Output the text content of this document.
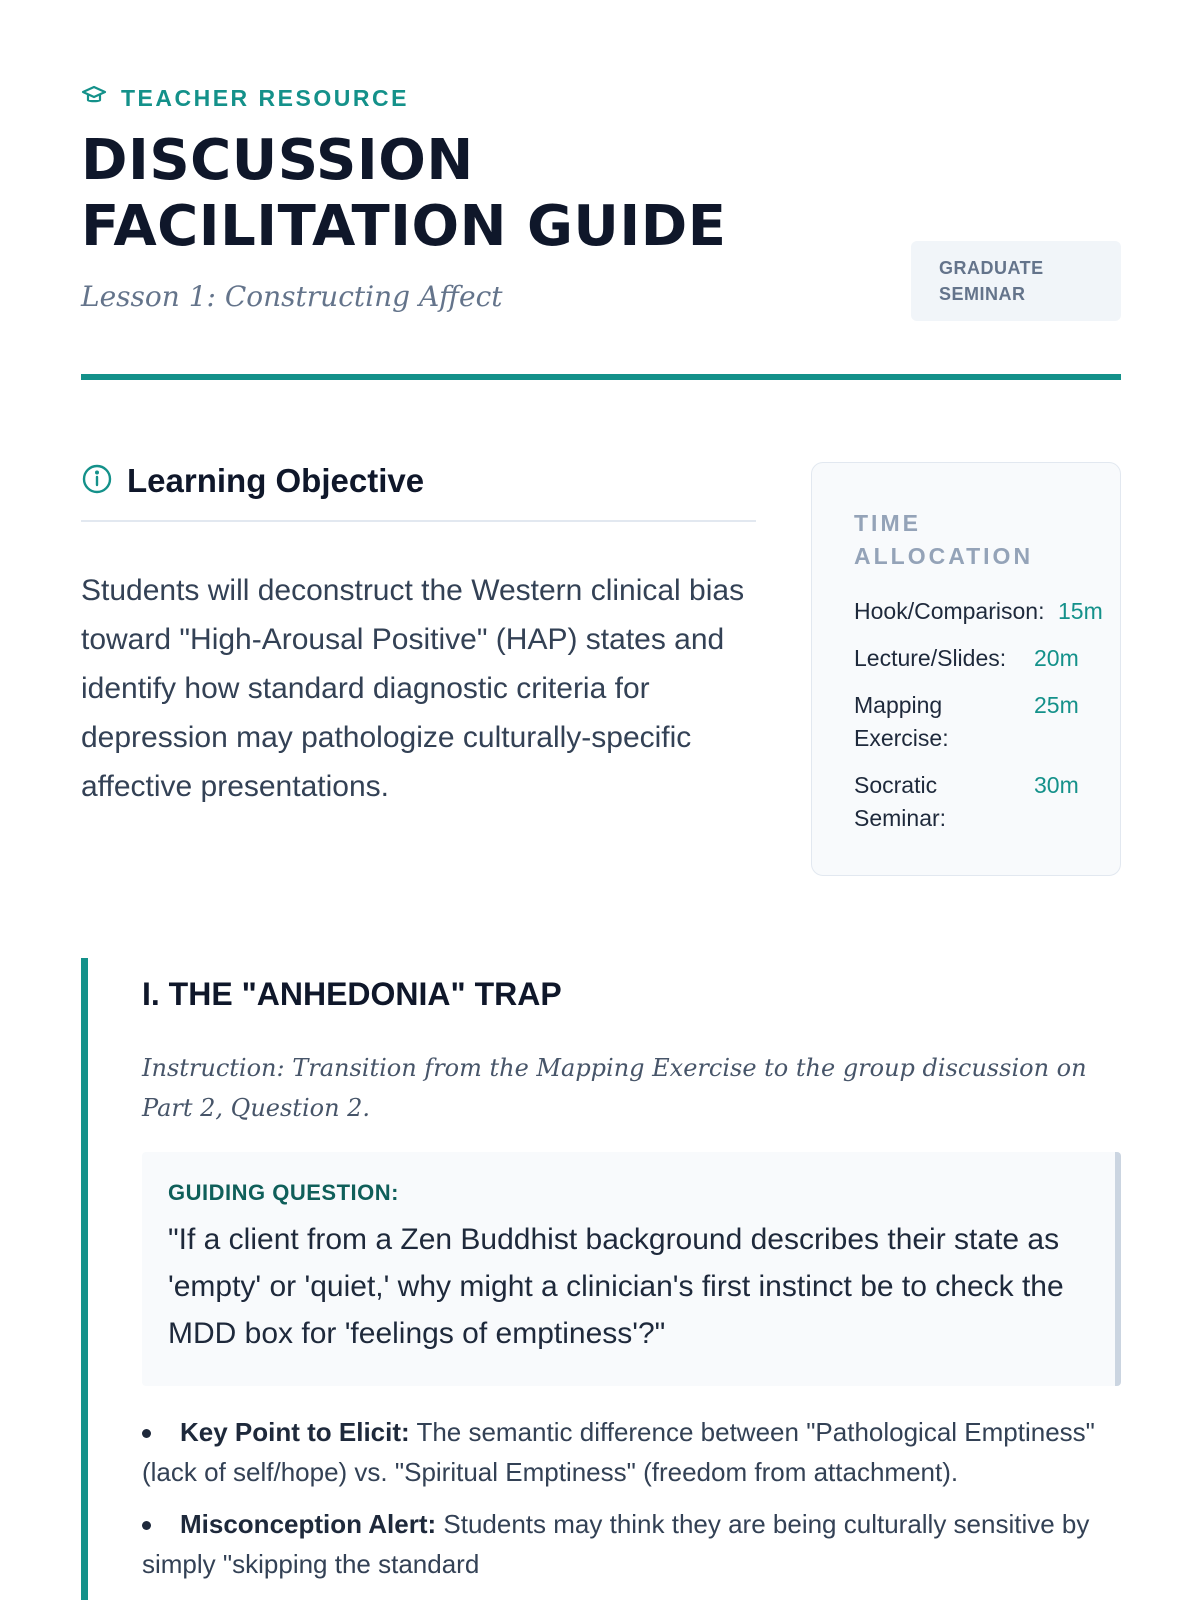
TEACHER RESOURCE
DISCUSSION
FACILITATION GUIDE
Lesson 1: Constructing Affect
GRADUATE
SEMINAR
Learning Objective

Students will deconstruct the Western clinical bias toward "High-Arousal Positive" (HAP) states and identify how standard diagnostic criteria for depression may pathologize culturally-specific affective presentations.

TIME ALLOCATION
Hook/Comparison: 15m
Lecture/Slides:	20m
Mapping Exercise:
25m
Socratic Seminar:
30m
I. THE "ANHEDONIA" TRAP

Instruction: Transition from the Mapping Exercise to the group discussion on Part 2, Question 2.

GUIDING QUESTION:
"If a client from a Zen Buddhist background describes their state as 'empty' or 'quiet,' why might a clinician's first instinct be to check the MDD box for 'feelings of emptiness'?"
Key Point to Elicit: The semantic difference between "Pathological Emptiness" (lack of self/hope) vs. "Spiritual Emptiness" (freedom from attachment).
Misconception Alert: Students may think they are being culturally sensitive by simply "skipping the standard
